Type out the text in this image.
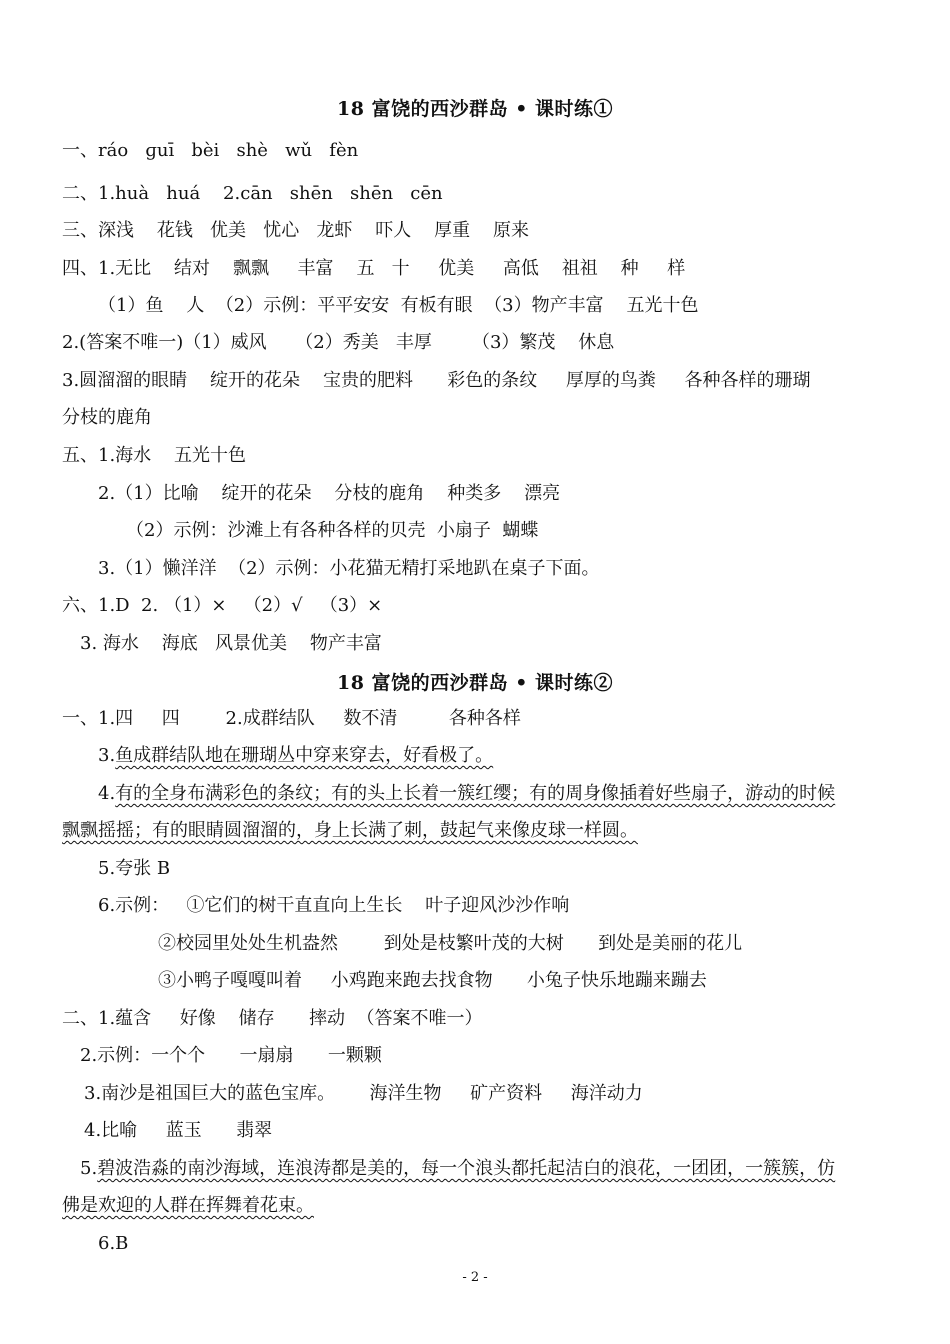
18 富饶的西沙群岛 • 课时练①
一、ráo   ɡuī   bèi   shè   wǔ   fèn
二、1.huà   huá    2.cān   shēn   shēn   cēn
三、深浅    花钱   优美   忧心   龙虾    吓人    厚重    原来
四、1.无比    结对    飘飘     丰富    五   十     优美     高低    祖祖    种     样
（1）鱼    人  （2）示例：平平安安  有板有眼  （3）物产丰富    五光十色
2.(答案不唯一)（1）威风     （2）秀美   丰厚       （3）繁茂    休息
3.圆溜溜的眼睛    绽开的花朵    宝贵的肥料      彩色的条纹     厚厚的鸟粪     各种各样的珊瑚
分枝的鹿角
五、1.海水    五光十色
2.（1）比喻    绽开的花朵    分枝的鹿角    种类多    漂亮
（2）示例：沙滩上有各种各样的贝壳  小扇子  蝴蝶
3.（1）懒洋洋  （2）示例：小花猫无精打采地趴在桌子下面。
六、1.D  2. （1）×   （2）√   （3）×
3. 海水    海底   风景优美    物产丰富
18 富饶的西沙群岛 • 课时练②
一、1.四     四        2.成群结队     数不清         各种各样
3.鱼成群结队地在珊瑚丛中穿来穿去，好看极了。
4.有的全身布满彩色的条纹；有的头上长着一簇红缨；有的周身像插着好些扇子，游动的时候
飘飘摇摇；有的眼睛圆溜溜的，身上长满了刺，鼓起气来像皮球一样圆。
5.夸张 B
6.示例：   ①它们的树干直直向上生长    叶子迎风沙沙作响
②校园里处处生机盎然        到处是枝繁叶茂的大树      到处是美丽的花儿
③小鸭子嘎嘎叫着     小鸡跑来跑去找食物      小兔子快乐地蹦来蹦去
二、1.蕴含     好像    储存      摔动  （答案不唯一）
2.示例：一个个      一扇扇      一颗颗
3.南沙是祖国巨大的蓝色宝库。      海洋生物     矿产资料     海洋动力
4.比喻     蓝玉      翡翠
5.碧波浩淼的南沙海域，连浪涛都是美的，每一个浪头都托起洁白的浪花，一团团，一簇簇，仿
佛是欢迎的人群在挥舞着花束。
6.B
- 2 -
